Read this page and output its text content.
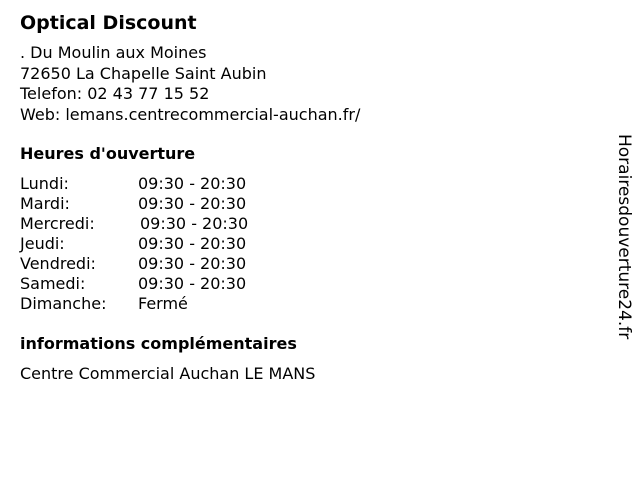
Optical Discount
. Du Moulin aux Moines
72650 La Chapelle Saint Aubin
Telefon: 02 43 77 15 52
Web: lemans.centrecommercial-auchan.fr/
Heures d'ouverture
Lundi:	09:30 - 20:30
Mardi:	09:30 - 20:30
Mercredi:	09:30 - 20:30
Jeudi:	09:30 - 20:30
Vendredi:	09:30 - 20:30
Samedi:	09:30 - 20:30
Dimanche: Fermé
informations complémentaires
Centre Commercial Auchan LE MANS
Horairesdouverture24.fr
